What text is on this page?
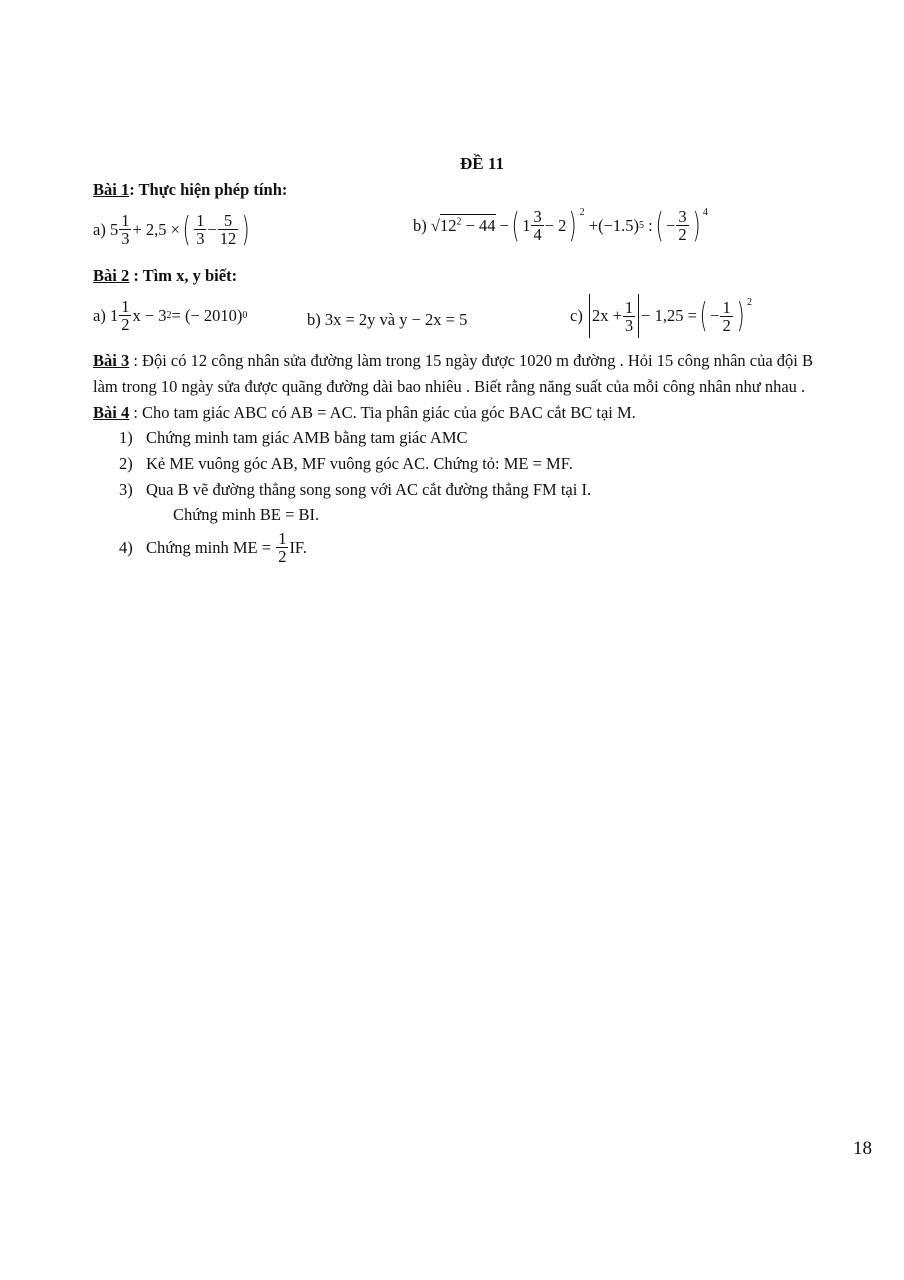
ĐỀ 11
Bài 1: Thực hiện phép tính:
a)
$5 \frac{1}{3} + 2,5$ × ( $\frac{1}{3} - \frac{5}{12}$ )	b)
$√12^2 - 44$
− ( $1 \frac{3}{4} - 2$ ) 2

+ (−1.5) 5
: ( − $\frac{3}{2}$ ) 4
Bài 2 : Tìm x, y biết:
a)
$1 \frac{1}{2}$ x − 3 2 = (− 2010) 0	b) 3x = 2y và y − 2x = 5	c)
$2x + \frac{1}{3} - 1,25$ = ( − $\frac{1}{2}$ ) 2
Bài 3 : Đội có 12 công nhân sửa đường làm trong 15 ngày được 1020 m đường . Hỏi 15 công nhân của đội B
làm trong 10 ngày sửa được quãng đường dài bao nhiêu . Biết rằng năng suất của mỗi công nhân như nhau .
Bài 4 : Cho tam giác ABC có AB = AC. Tia phân giác của góc BAC cắt BC tại M.
1) Chứng minh tam giác AMB bằng tam giác AMC
2) Kẻ ME vuông góc AB, MF vuông góc AC. Chứng tỏ: ME = MF.
3) Qua B vẽ đường thẳng song song với AC cắt đường thẳng FM tại I.
Chứng minh BE = BI.
4) Chứng minh ME =
$\frac{1}{2}$ IF.
18
